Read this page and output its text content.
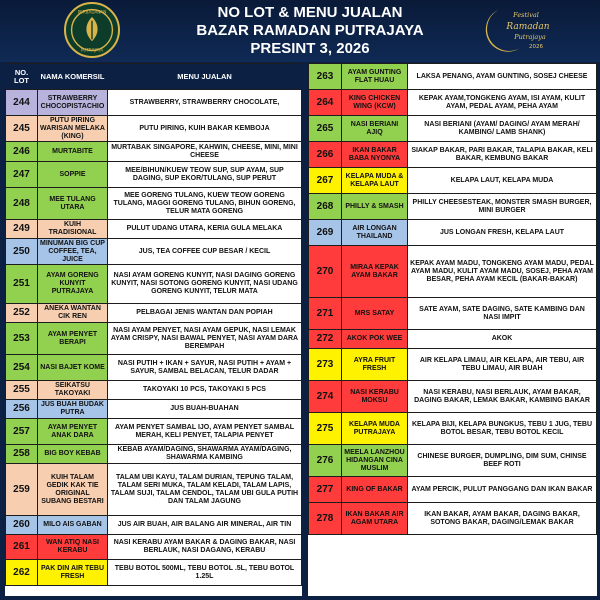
PERBADANAN
PUTRAJAYA
NO LOT & MENU JUALAN
BAZAR RAMADAN PUTRAJAYA
PRESINT 3, 2026
Festival
Ramadan
Putrajaya
2026
NO. LOT	NAMA KOMERSIL	MENU JUALAN
244	STRAWBERRY CHOCOPISTACHIO	STRAWBERRY, STRAWBERRY CHOCOLATE,
245	PUTU PIRING WARISAN MELAKA (KING)	PUTU PIRING, KUIH BAKAR KEMBOJA
246	MURTABITE	MURTABAK SINGAPORE, KAHWIN, CHEESE, MINI, MINI CHEESE
247	SOPPIE	MEE/BIHUN/KUEW TEOW SUP, SUP AYAM, SUP DAGING, SUP EKOR/TULANG, SUP PERUT
248	MEE TULANG UTARA	MEE GORENG TULANG, KUEW TEOW GORENG TULANG, MAGGI GORENG TULANG, BIHUN GORENG, TELUR MATA GORENG
249	KUIH TRADISIONAL	PULUT UDANG UTARA, KERIA GULA MELAKA
250	MINUMAN BIG CUP COFFEE, TEA, JUICE	JUS, TEA COFFEE CUP BESAR / KECIL
251	AYAM GORENG KUNYIT PUTRAJAYA	NASI AYAM GORENG KUNYIT, NASI DAGING GORENG KUNYIT, NASI SOTONG GORENG KUNYIT, NASI UDANG GORENG KUNYIT, TELUR MATA
252	ANEKA WANTAN CIK REN	PELBAGAI JENIS WANTAN DAN POPIAH
253	AYAM PENYET BERAPI	NASI AYAM PENYET, NASI AYAM GEPUK, NASI LEMAK AYAM CRISPY, NASI BAWAL PENYET, NASI AYAM DARA BEREMPAH
254	NASI BAJET KOME	NASI PUTIH + IKAN + SAYUR, NASI PUTIH + AYAM + SAYUR, SAMBAL BELACAN, TELUR DADAR
255	SEIKATSU TAKOYAKI	TAKOYAKI 10 PCS, TAKOYAKI 5 PCS
256	JUS BUAH BUDAK PUTRA	JUS BUAH-BUAHAN
257	AYAM PENYET ANAK DARA	AYAM PENYET SAMBAL IJO, AYAM PENYET SAMBAL MERAH, KELI PENYET, TALAPIA PENYET
258	BIG BOY KEBAB	KEBAB AYAM/DAGING, SHAWARMA AYAM/DAGING, SHAWARMA KAMBING
259	KUIH TALAM GEDIK KAK TIE ORIGINAL SUBANG BESTARI	TALAM UBI KAYU, TALAM DURIAN, TEPUNG TALAM, TALAM SERI MUKA, TALAM KELADI, TALAM LAPIS, TALAM SUJI, TALAM CENDOL, TALAM UBI GULA PUTIH DAN TALAM JAGUNG
260	MILO AIS GABAN	JUS AIR BUAH, AIR BALANG AIR MINERAL, AIR TIN
261	WAN ATIQ NASI KERABU	NASI KERABU AYAM BAKAR & DAGING BAKAR, NASI BERLAUK, NASI DAGANG, KERABU
262	PAK DIN AIR TEBU FRESH	TEBU BOTOL 500ML, TEBU BOTOL .5L, TEBU BOTOL 1.25L
263	AYAM GUNTING FLAT HUAU	LAKSA PENANG, AYAM GUNTING, SOSEJ CHEESE
264	KING CHICKEN WING (KCW)	KEPAK AYAM,TONGKENG AYAM, ISI AYAM, KULIT AYAM, PEDAL AYAM, PEHA AYAM
265	NASI BERIANI AJIQ	NASI BERIANI (AYAM/ DAGING/ AYAM MERAH/ KAMBING/ LAMB SHANK)
266	IKAN BAKAR BABA NYONYA	SIAKAP BAKAR, PARI BAKAR, TALAPIA BAKAR, KELI BAKAR, KEMBUNG BAKAR
267	KELAPA MUDA & KELAPA LAUT	KELAPA LAUT, KELAPA MUDA
268	PHILLY & SMASH	PHILLY CHEESESTEAK, MONSTER SMASH BURGER, MINI BURGER
269	AIR LONGAN THAILAND	JUS LONGAN FRESH, KELAPA LAUT
270	MIRAA KEPAK AYAM BAKAR	KEPAK AYAM MADU, TONGKENG AYAM MADU, PEDAL AYAM MADU, KULIT AYAM MADU, SOSEJ, PEHA AYAM BESAR, PEHA AYAM KECIL (BAKAR-BAKAR)
271	MRS SATAY	SATE AYAM, SATE DAGING, SATE KAMBING DAN NASI IMPIT
272	AKOK POK WEE	AKOK
273	AYRA FRUIT FRESH	AIR KELAPA LIMAU, AIR KELAPA, AIR TEBU, AIR TEBU LIMAU, AIR BUAH
274	NASI KERABU MOKSU	NASI KERABU, NASI BERLAUK, AYAM BAKAR, DAGING BAKAR, LEMAK BAKAR, KAMBING BAKAR
275	KELAPA MUDA PUTRAJAYA	KELAPA BIJI, KELAPA BUNGKUS, TEBU 1 JUG, TEBU BOTOL BESAR, TEBU BOTOL KECIL
276	MEELA LANZHOU HIDANGAN CINA MUSLIM	CHINESE BURGER, DUMPLING, DIM SUM, CHINSE BEEF ROTI
277	KING OF BAKAR	AYAM PERCIK, PULUT PANGGANG DAN IKAN BAKAR
278	IKAN BAKAR AIR AGAM UTARA	IKAN BAKAR, AYAM BAKAR, DAGING BAKAR, SOTONG BAKAR, DAGING/LEMAK BAKAR
